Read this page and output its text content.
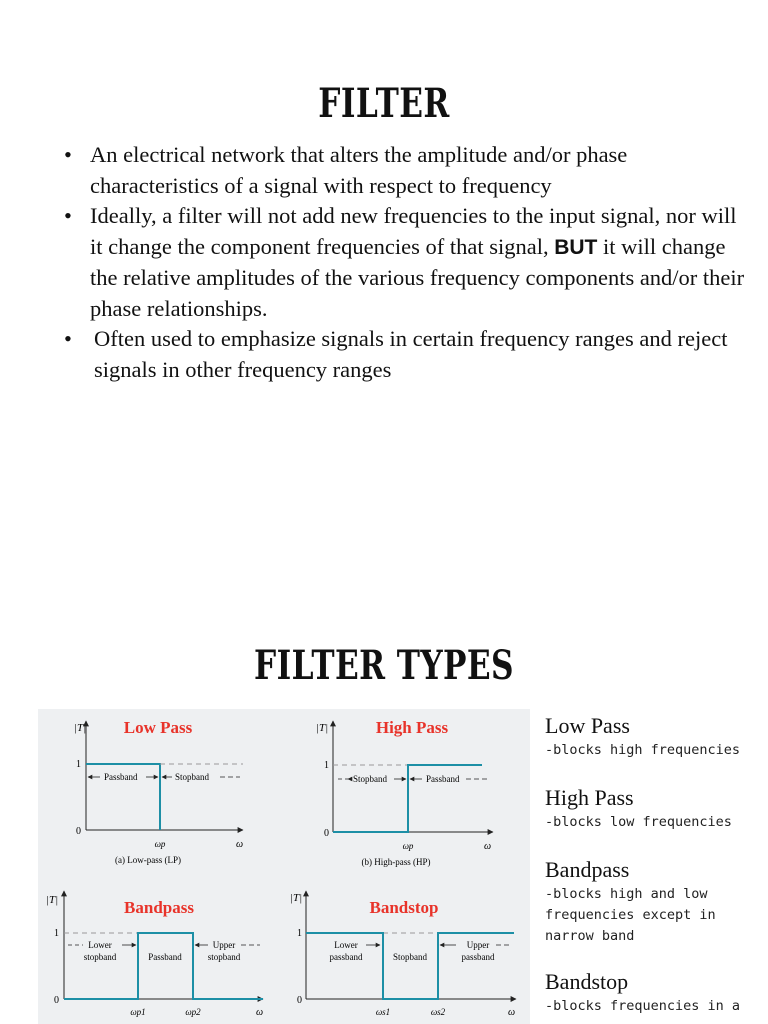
FILTER
• An electrical network that alters the amplitude and/or phase characteristics of a signal with respect to frequency
• Ideally, a filter will not add new frequencies to the input signal, nor will it change the component frequencies of that signal, BUT it will change the relative amplitudes of the various frequency components and/or their phase relationships.
• Often used to emphasize signals in certain frequency ranges and reject signals in other frequency ranges
FILTER TYPES
Low Pass
|T|
1
0
Passband	Stopband
ωp	ω
(a) Low-pass (LP)
High Pass
|T|
1
0
Stopband	Passband
ωp	ω
(b) High-pass (HP)
Bandpass
|T|
1
0
Lower
stopband	Passband
Upper
stopband
ωp1	ωp2	ω
Bandstop
|T|
1
0
Lower
passband	Stopband
Upper
passband
ωs1	ωs2	ω

Low Pass

-blocks high frequencies

High Pass

-blocks low frequencies

Bandpass

-blocks high and low frequencies except in narrow band

Bandstop

-blocks frequencies in a
